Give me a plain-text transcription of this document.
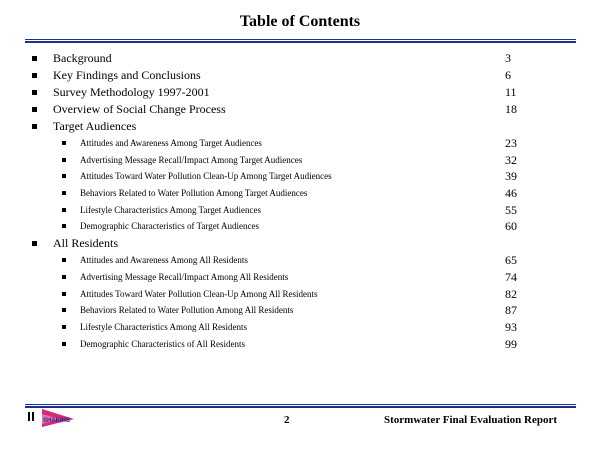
Table of Contents
Background	3
Key Findings and Conclusions	6
Survey Methodology 1997-2001	11
Overview of Social Change Process	18
Target Audiences
Attitudes and Awareness Among Target Audiences	23
Advertising Message Recall/Impact Among Target Audiences	32
Attitudes Toward Water Pollution Clean-Up Among Target Audiences	39
Behaviors Related to Water Pollution Among Target Audiences	46
Lifestyle Characteristics Among Target Audiences	55
Demographic Characteristics of Target Audiences	60
All Residents
Attitudes and Awareness Among All Residents	65
Advertising Message Recall/Impact Among All Residents	74
Attitudes Toward Water Pollution Clean-Up Among All Residents	82
Behaviors Related to Water Pollution Among All Residents	87
Lifestyle Characteristics Among All Residents	93
Demographic Characteristics of All Residents	99
SHAKIHS	2	Stormwater Final Evaluation Report
